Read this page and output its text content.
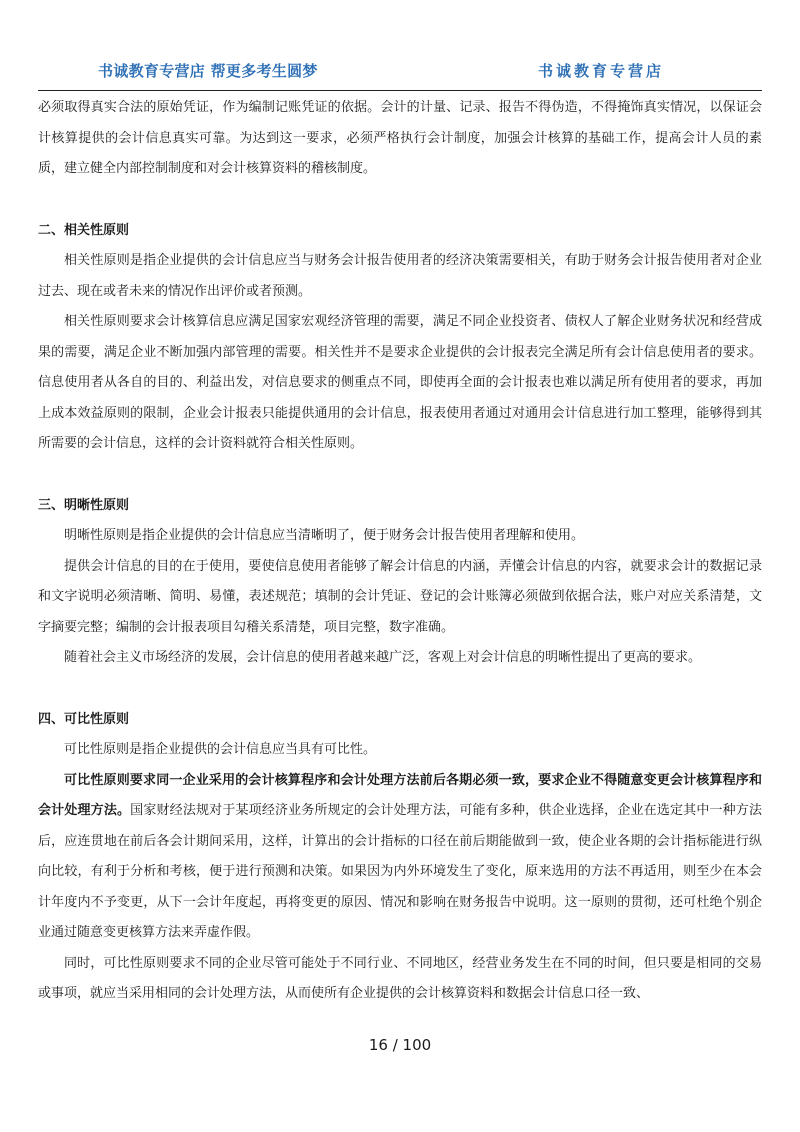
书诚教育专营店 帮更多考生圆梦	书诚教育专营店

必须取得真实合法的原始凭证，作为编制记账凭证的依据。会计的计量、记录、报告不得伪造，不得掩饰真实情况，以保证会计核算提供的会计信息真实可靠。为达到这一要求，必须严格执行会计制度，加强会计核算的基础工作，提高会计人员的素质，建立健全内部控制制度和对会计核算资料的稽核制度。

二、相关性原则

相关性原则是指企业提供的会计信息应当与财务会计报告使用者的经济决策需要相关，有助于财务会计报告使用者对企业过去、现在或者未来的情况作出评价或者预测。

相关性原则要求会计核算信息应满足国家宏观经济管理的需要，满足不同企业投资者、债权人了解企业财务状况和经营成果的需要，满足企业不断加强内部管理的需要。相关性并不是要求企业提供的会计报表完全满足所有会计信息使用者的要求。信息使用者从各自的目的、利益出发，对信息要求的侧重点不同，即使再全面的会计报表也难以满足所有使用者的要求，再加上成本效益原则的限制，企业会计报表只能提供通用的会计信息，报表使用者通过对通用会计信息进行加工整理，能够得到其所需要的会计信息，这样的会计资料就符合相关性原则。

三、明晰性原则

明晰性原则是指企业提供的会计信息应当清晰明了，便于财务会计报告使用者理解和使用。

提供会计信息的目的在于使用，要使信息使用者能够了解会计信息的内涵，弄懂会计信息的内容，就要求会计的数据记录和文字说明必须清晰、简明、易懂，表述规范；填制的会计凭证、登记的会计账簿必须做到依据合法，账户对应关系清楚，文字摘要完整；编制的会计报表项目勾稽关系清楚，项目完整，数字准确。

随着社会主义市场经济的发展，会计信息的使用者越来越广泛，客观上对会计信息的明晰性提出了更高的要求。

四、可比性原则

可比性原则是指企业提供的会计信息应当具有可比性。

可比性原则要求同一企业采用的会计核算程序和会计处理方法前后各期必须一致，要求企业不得随意变更会计核算程序和会计处理方法。国家财经法规对于某项经济业务所规定的会计处理方法，可能有多种，供企业选择，企业在选定其中一种方法后，应连贯地在前后各会计期间采用，这样，计算出的会计指标的口径在前后期能做到一致，使企业各期的会计指标能进行纵向比较，有利于分析和考核，便于进行预测和决策。如果因为内外环境发生了变化，原来选用的方法不再适用，则至少在本会计年度内不予变更，从下一会计年度起，再将变更的原因、情况和影响在财务报告中说明。这一原则的贯彻，还可杜绝个别企业通过随意变更核算方法来弄虚作假。

同时，可比性原则要求不同的企业尽管可能处于不同行业、不同地区，经营业务发生在不同的时间，但只要是相同的交易或事项，就应当采用相同的会计处理方法，从而使所有企业提供的会计核算资料和数据会计信息口径一致、

16 / 100
